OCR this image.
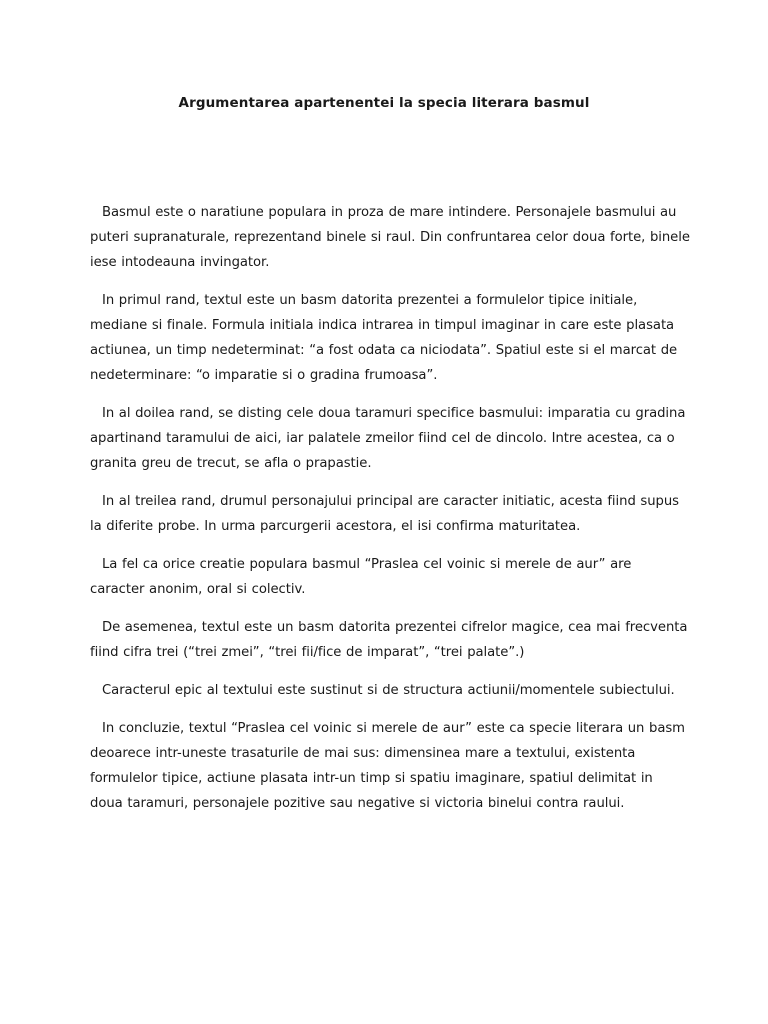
Argumentarea apartenentei la specia literara basmul

Basmul este o naratiune populara in proza de mare intindere. Personajele basmului au puteri supranaturale, reprezentand binele si raul. Din confruntarea celor doua forte, binele iese intodeauna invingator.

In primul rand, textul este un basm datorita prezentei a formulelor tipice initiale, mediane si finale. Formula initiala indica intrarea in timpul imaginar in care este plasata actiunea, un timp nedeterminat: “a fost odata ca niciodata”. Spatiul este si el marcat de nedeterminare: “o imparatie si o gradina frumoasa”.

In al doilea rand, se disting cele doua taramuri specifice basmului: imparatia cu gradina apartinand taramului de aici, iar palatele zmeilor fiind cel de dincolo. Intre acestea, ca o granita greu de trecut, se afla o prapastie.

In al treilea rand, drumul personajului principal are caracter initiatic, acesta fiind supus la diferite probe. In urma parcurgerii acestora, el isi confirma maturitatea.

La fel ca orice creatie populara basmul “Praslea cel voinic si merele de aur” are caracter anonim, oral si colectiv.

De asemenea, textul este un basm datorita prezentei cifrelor magice, cea mai frecventa fiind cifra trei (“trei zmei”, “trei fii/fice de imparat”, “trei palate”.)

Caracterul epic al textului este sustinut si de structura actiunii/momentele subiectului.

In concluzie, textul “Praslea cel voinic si merele de aur” este ca specie literara un basm deoarece intr-uneste trasaturile de mai sus: dimensinea mare a textului, existenta formulelor tipice, actiune plasata intr-un timp si spatiu imaginare, spatiul delimitat in doua taramuri, personajele pozitive sau negative si victoria binelui contra raului.
